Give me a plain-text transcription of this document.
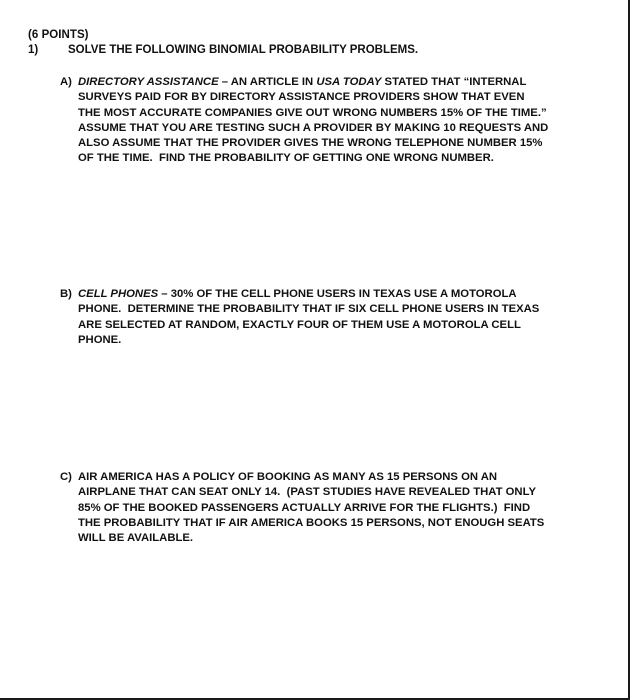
(6 POINTS)
1)	SOLVE THE FOLLOWING BINOMIAL PROBABILITY PROBLEMS.
A) DIRECTORY ASSISTANCE – AN ARTICLE IN USA TODAY STATED THAT “INTERNAL
SURVEYS PAID FOR BY DIRECTORY ASSISTANCE PROVIDERS SHOW THAT EVEN
THE MOST ACCURATE COMPANIES GIVE OUT WRONG NUMBERS 15% OF THE TIME.”
ASSUME THAT YOU ARE TESTING SUCH A PROVIDER BY MAKING 10 REQUESTS AND
ALSO ASSUME THAT THE PROVIDER GIVES THE WRONG TELEPHONE NUMBER 15%
OF THE TIME.  FIND THE PROBABILITY OF GETTING ONE WRONG NUMBER.
B) CELL PHONES – 30% OF THE CELL PHONE USERS IN TEXAS USE A MOTOROLA
PHONE.  DETERMINE THE PROBABILITY THAT IF SIX CELL PHONE USERS IN TEXAS
ARE SELECTED AT RANDOM, EXACTLY FOUR OF THEM USE A MOTOROLA CELL
PHONE.
C) AIR AMERICA HAS A POLICY OF BOOKING AS MANY AS 15 PERSONS ON AN
AIRPLANE THAT CAN SEAT ONLY 14.  (PAST STUDIES HAVE REVEALED THAT ONLY
85% OF THE BOOKED PASSENGERS ACTUALLY ARRIVE FOR THE FLIGHTS.)  FIND
THE PROBABILITY THAT IF AIR AMERICA BOOKS 15 PERSONS, NOT ENOUGH SEATS
WILL BE AVAILABLE.
